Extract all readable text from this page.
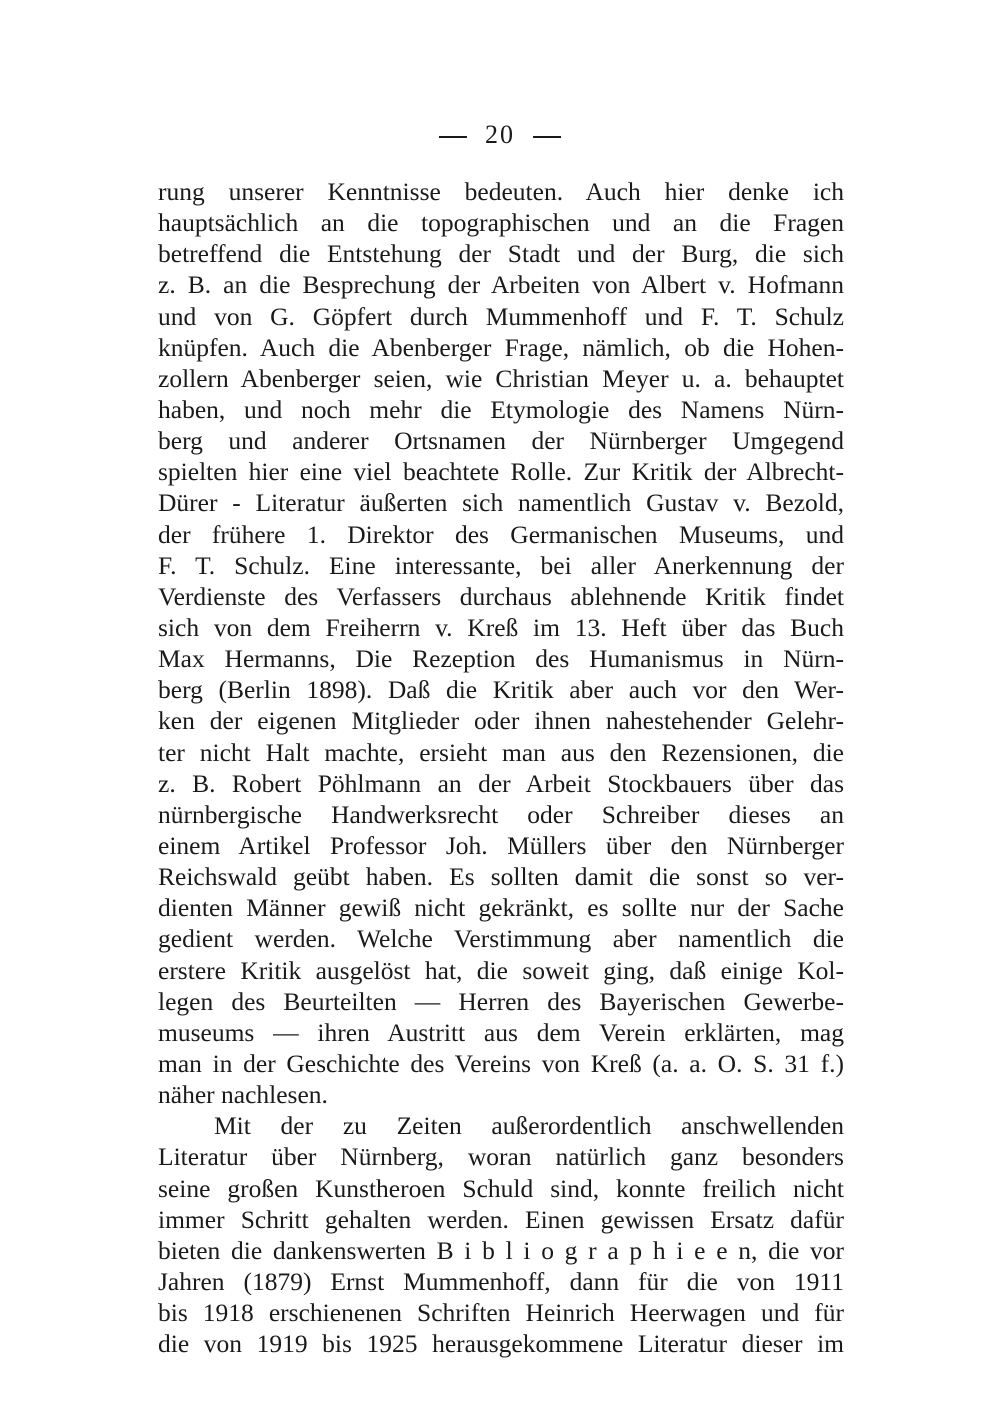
20
rung unserer Kenntnisse bedeuten. Auch hier denke ich
hauptsächlich an die topographischen und an die Fragen
betreffend die Entstehung der Stadt und der Burg, die sich
z. B. an die Besprechung der Arbeiten von Albert v. Hofmann
und von G. Göpfert durch Mummenhoff und F. T. Schulz
knüpfen. Auch die Abenberger Frage, nämlich, ob die Hohen-
zollern Abenberger seien, wie Christian Meyer u. a. behauptet
haben, und noch mehr die Etymologie des Namens Nürn-
berg und anderer Ortsnamen der Nürnberger Umgegend
spielten hier eine viel beachtete Rolle. Zur Kritik der Albrecht-
Dürer - Literatur äußerten sich namentlich Gustav v. Bezold,
der frühere 1. Direktor des Germanischen Museums, und
F. T. Schulz. Eine interessante, bei aller Anerkennung der
Verdienste des Verfassers durchaus ablehnende Kritik findet
sich von dem Freiherrn v. Kreß im 13. Heft über das Buch
Max Hermanns, Die Rezeption des Humanismus in Nürn-
berg (Berlin 1898). Daß die Kritik aber auch vor den Wer-
ken der eigenen Mitglieder oder ihnen nahestehender Gelehr-
ter nicht Halt machte, ersieht man aus den Rezensionen, die
z. B. Robert Pöhlmann an der Arbeit Stockbauers über das
nürnbergische Handwerksrecht oder Schreiber dieses an
einem Artikel Professor Joh. Müllers über den Nürnberger
Reichswald geübt haben. Es sollten damit die sonst so ver-
dienten Männer gewiß nicht gekränkt, es sollte nur der Sache
gedient werden. Welche Verstimmung aber namentlich die
erstere Kritik ausgelöst hat, die soweit ging, daß einige Kol-
legen des Beurteilten — Herren des Bayerischen Gewerbe-
museums — ihren Austritt aus dem Verein erklärten, mag
man in der Geschichte des Vereins von Kreß (a. a. O. S. 31 f.)
näher nachlesen.
Mit der zu Zeiten außerordentlich anschwellenden
Literatur über Nürnberg, woran natürlich ganz besonders
seine großen Kunstheroen Schuld sind, konnte freilich nicht
immer Schritt gehalten werden. Einen gewissen Ersatz dafür
bieten die dankenswerten B i b l i o g r a p h i e e n, die vor
Jahren (1879) Ernst Mummenhoff, dann für die von 1911
bis 1918 erschienenen Schriften Heinrich Heerwagen und für
die von 1919 bis 1925 herausgekommene Literatur dieser im
